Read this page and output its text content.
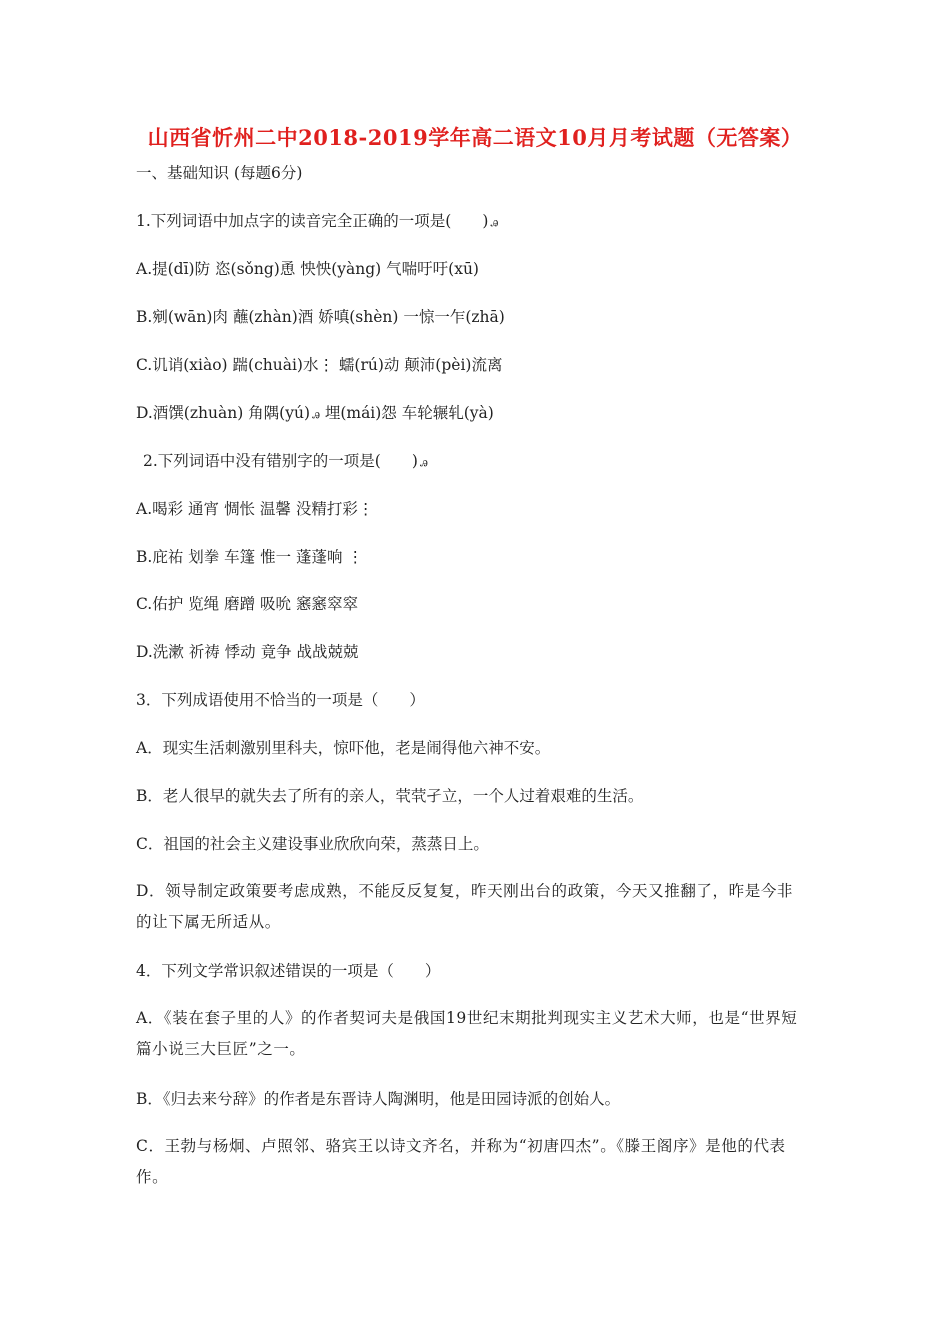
山西省忻州二中2018-2019学年高二语文10月月考试题（无答案）
一、基础知识 (每题6分)
1.下列词语中加点字的读音完全正确的一项是(　　) ꭿ
A.提(dī)防 恣(sǒng)恿 怏怏(yàng) 气喘吁吁(xū)
B.剜(wān)肉 蘸(zhàn)酒 娇嗔(shèn) 一惊一乍(zhā)
C.讥诮(xiào) 踹(chuài)水⋮ 蠕(rú)动 颠沛(pèi)流离
D.酒馔(zhuàn) 角隅(yú) ꭿ 埋(mái)怨 车轮辗轧(yà)
2.下列词语中没有错别字的一项是(　　) ꭿ
A.喝彩 通宵 惆怅 温馨 没精打彩⋮
B.庇祐 划拳 车篷 惟一 蓬蓬响 ⋮
C.佑护 览绳 磨蹭 吸吮 窸窸窣窣
D.洗漱 祈祷 悸动 竟争 战战兢兢
3．下列成语使用不恰当的一项是（　　）
A．现实生活刺激别里科夫，惊吓他，老是闹得他六神不安。
B．老人很早的就失去了所有的亲人，茕茕孑立，一个人过着艰难的生活。
C．祖国的社会主义建设事业欣欣向荣，蒸蒸日上。
D．领导制定政策要考虑成熟，不能反反复复，昨天刚出台的政策，今天又推翻了，昨是今非的让下属无所适从。
4．下列文学常识叙述错误的一项是（　　）
A．《装在套子里的人》的作者契诃夫是俄国19世纪末期批判现实主义艺术大师，也是“世界短篇小说三大巨匠”之一。
B．《归去来兮辞》的作者是东晋诗人陶渊明，他是田园诗派的创始人。
C．王勃与杨炯、卢照邻、骆宾王以诗文齐名，并称为“初唐四杰”。《滕王阁序》是他的代表作。
